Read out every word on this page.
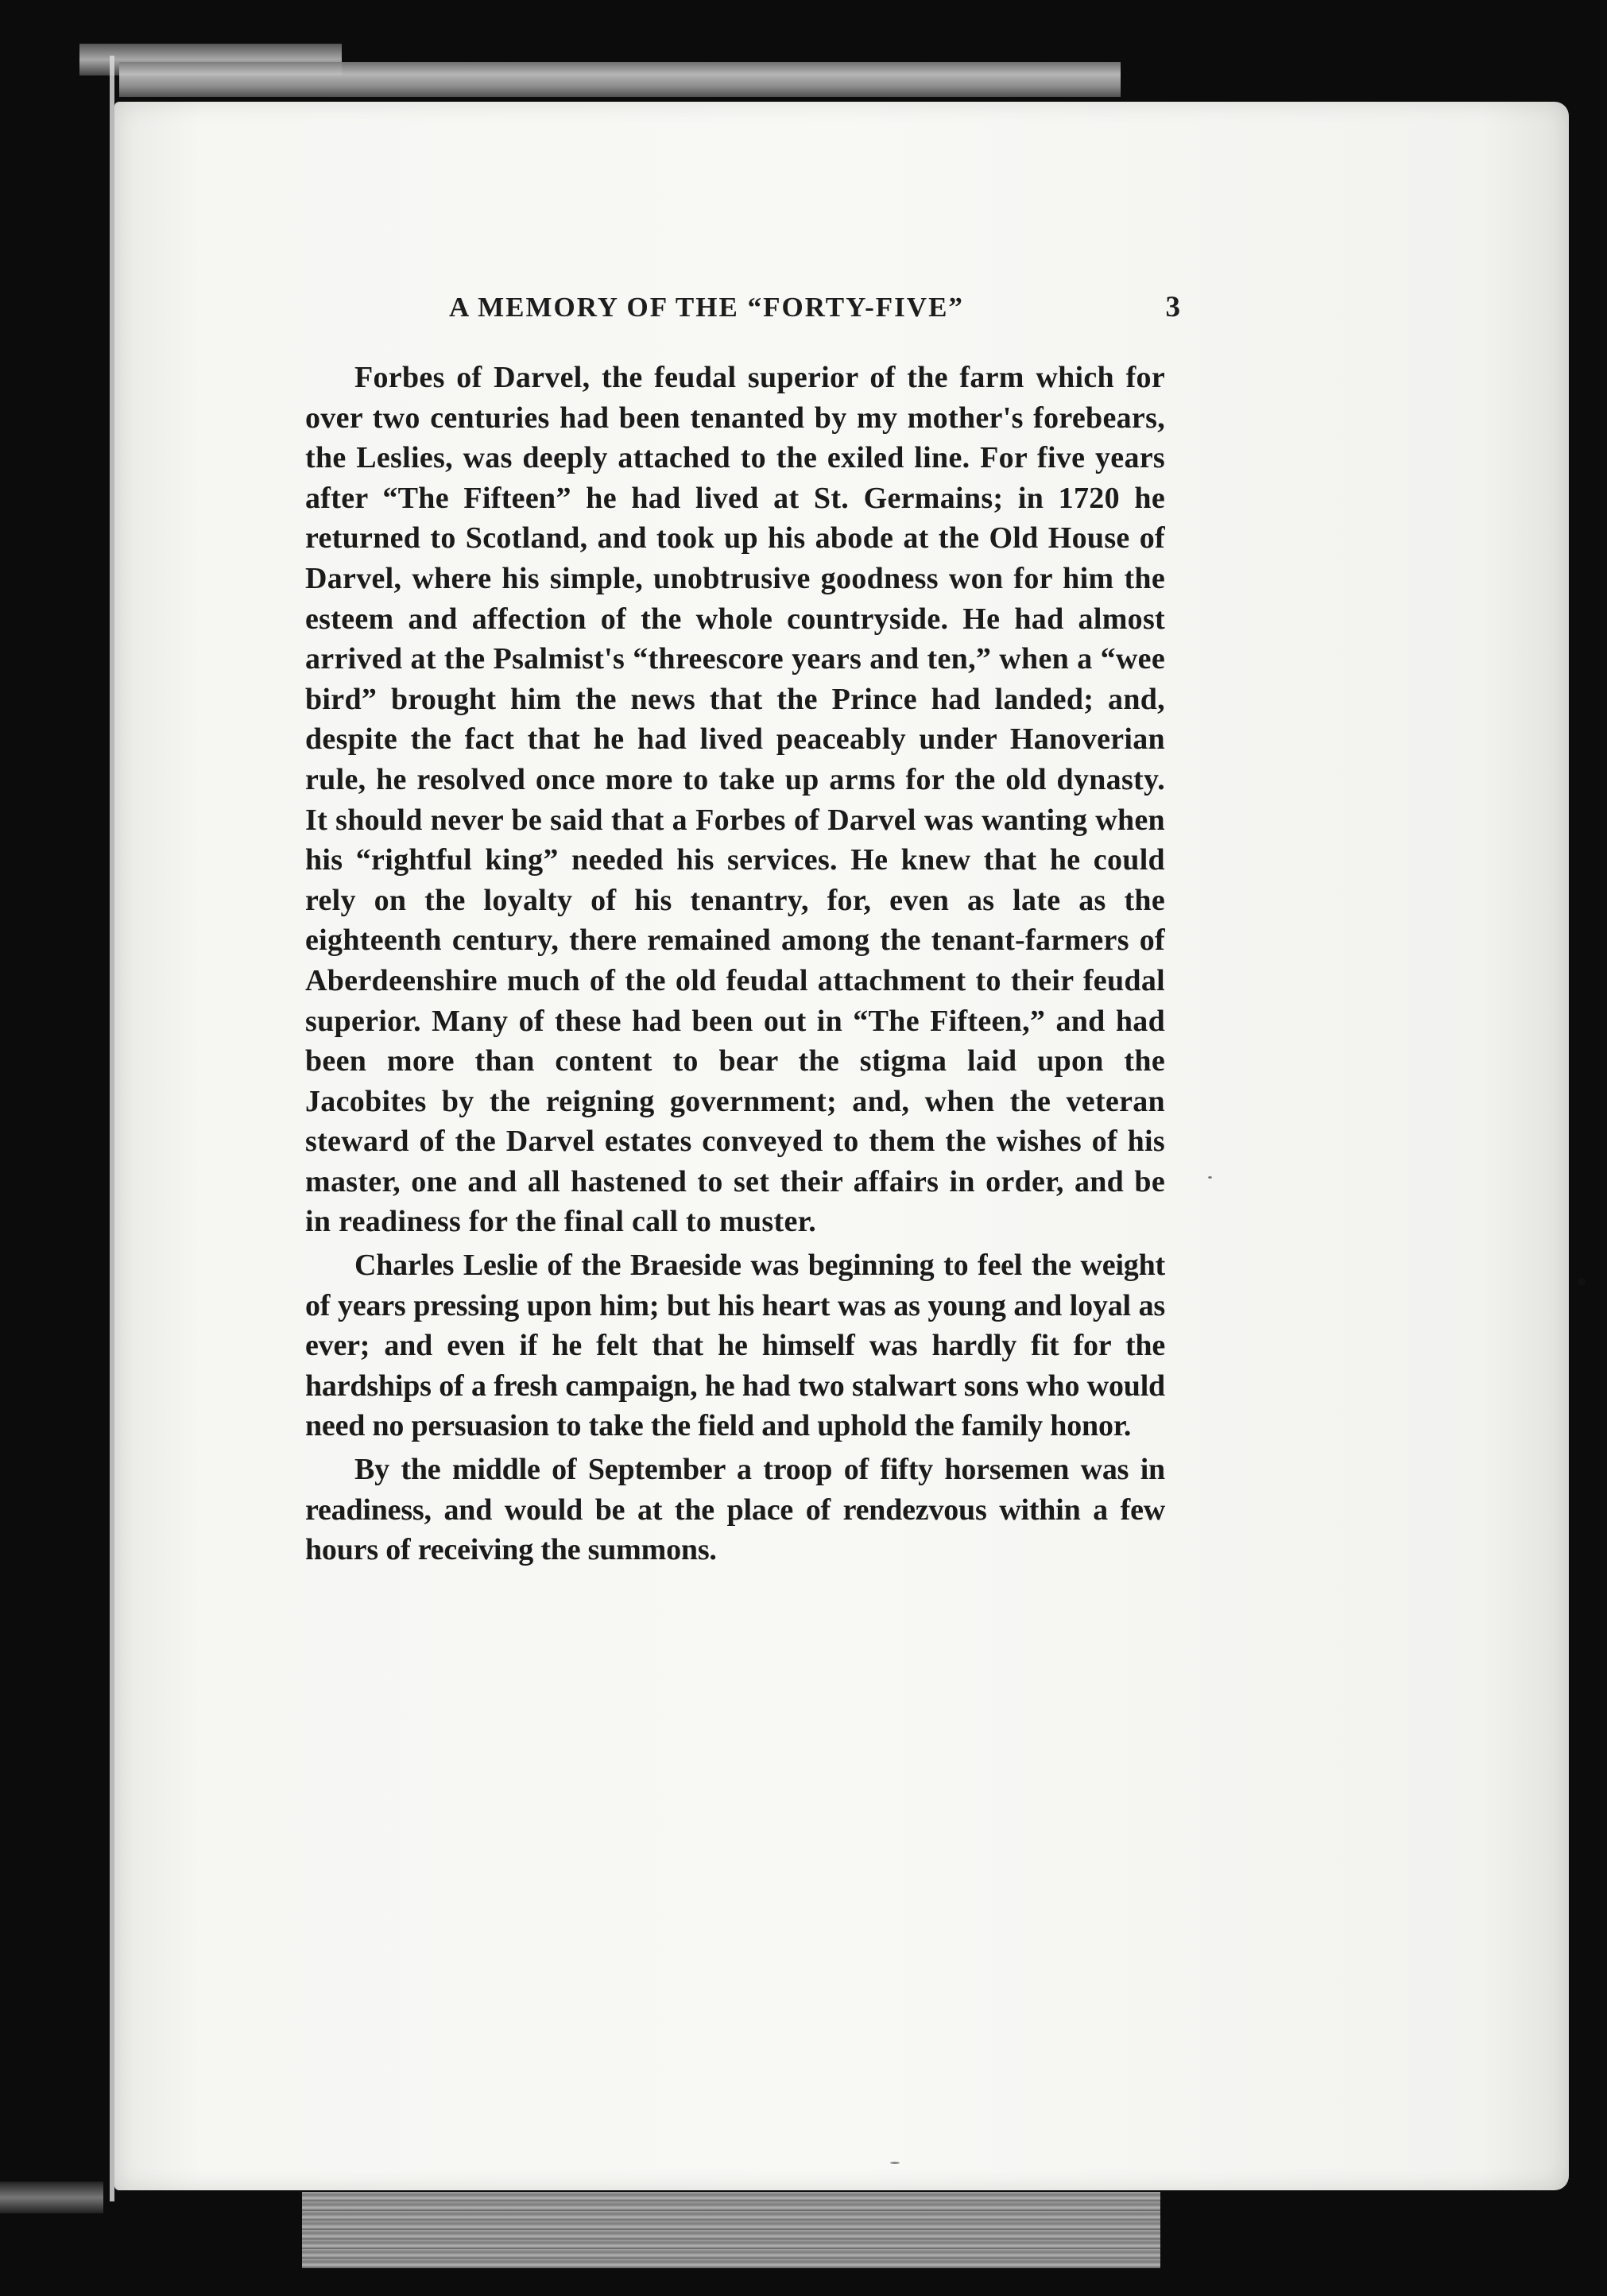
A MEMORY OF THE “FORTY-FIVE”	3

Forbes of Darvel, the feudal superior of the farm which for over two centuries had been tenanted by my mother's forebears, the Leslies, was deeply attached to the exiled line. For five years after “The Fifteen” he had lived at St. Germains; in 1720 he returned to Scotland, and took up his abode at the Old House of Darvel, where his simple, unobtrusive goodness won for him the esteem and affection of the whole countryside. He had almost arrived at the Psalmist's “threescore years and ten,” when a “wee bird” brought him the news that the Prince had landed; and, despite the fact that he had lived peaceably under Hanoverian rule, he resolved once more to take up arms for the old dynasty. It should never be said that a Forbes of Darvel was wanting when his “rightful king” needed his services. He knew that he could rely on the loyalty of his tenantry, for, even as late as the eighteenth century, there remained among the tenant-farmers of Aberdeenshire much of the old feudal attachment to their feudal superior. Many of these had been out in “The Fifteen,” and had been more than content to bear the stigma laid upon the Jacobites by the reigning government; and, when the veteran steward of the Darvel estates conveyed to them the wishes of his master, one and all hastened to set their affairs in order, and be in readiness for the final call to muster.

Charles Leslie of the Braeside was beginning to feel the weight of years pressing upon him; but his heart was as young and loyal as ever; and even if he felt that he himself was hardly fit for the hardships of a fresh campaign, he had two stalwart sons who would need no persuasion to take the field and uphold the family honor.

By the middle of September a troop of fifty horsemen was in readiness, and would be at the place of rendezvous within a few hours of receiving the summons.
